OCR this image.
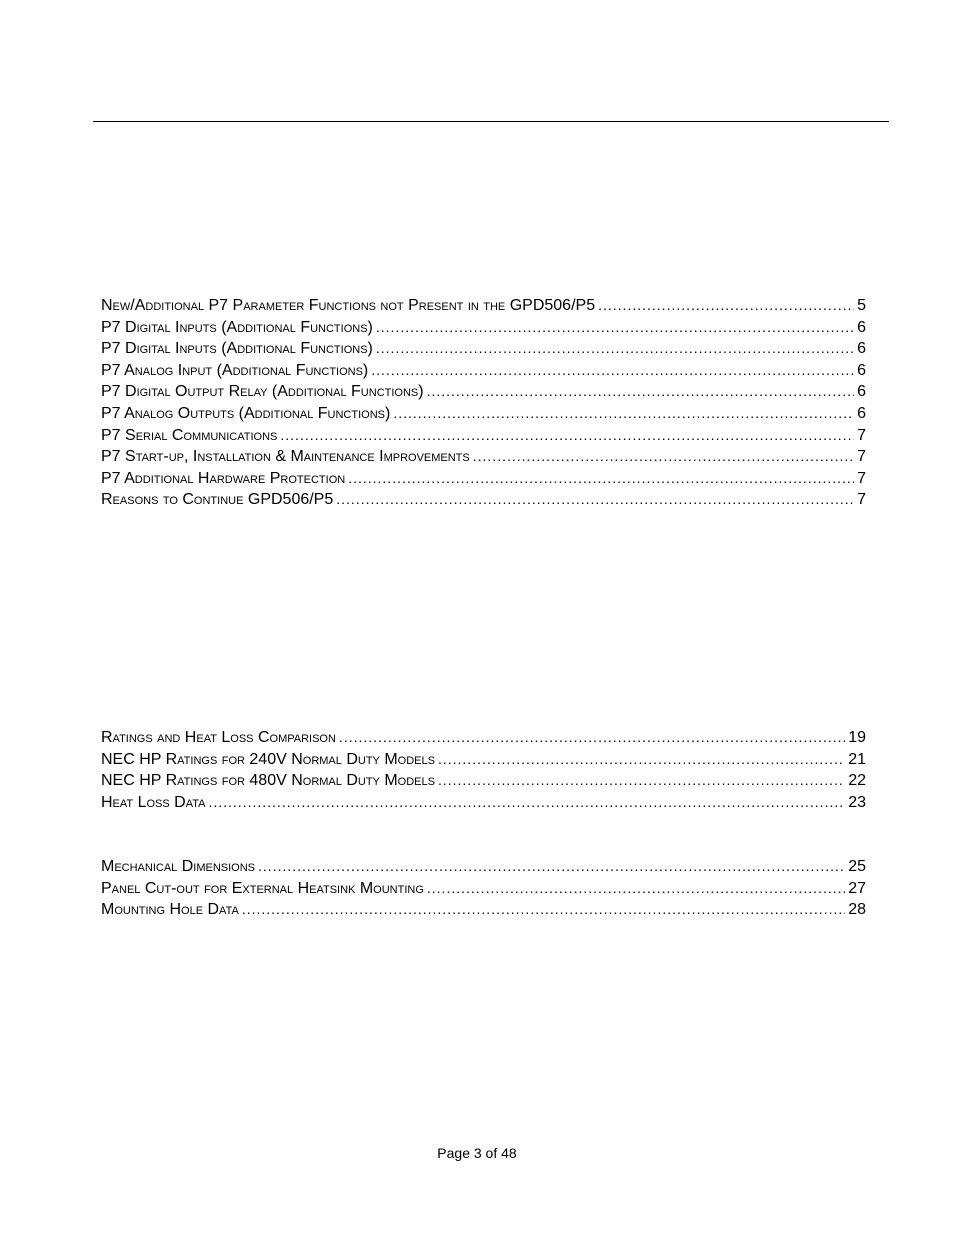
New/Additional P7 Parameter Functions not Present in the GPD506/P5 .....	5
P7 Digital Inputs (Additional Functions) .....	6
P7 Digital Inputs (Additional Functions) .....	6
P7 Analog Input (Additional Functions) .....	6
P7 Digital Output Relay (Additional Functions) .....	6
P7 Analog Outputs (Additional Functions) .....	6
P7 Serial Communications .....	7
P7 Start-up, Installation & Maintenance Improvements .....	7
P7 Additional Hardware Protection .....	7
Reasons to Continue GPD506/P5 .....	7
Ratings and Heat Loss Comparison .....	19
NEC HP Ratings for 240V Normal Duty Models .....	21
NEC HP Ratings for 480V Normal Duty Models .....	22
Heat Loss Data .....	23
Mechanical Dimensions .....	25
Panel Cut-out for External Heatsink Mounting .....	27
Mounting Hole Data .....	28
Page 3 of 48
